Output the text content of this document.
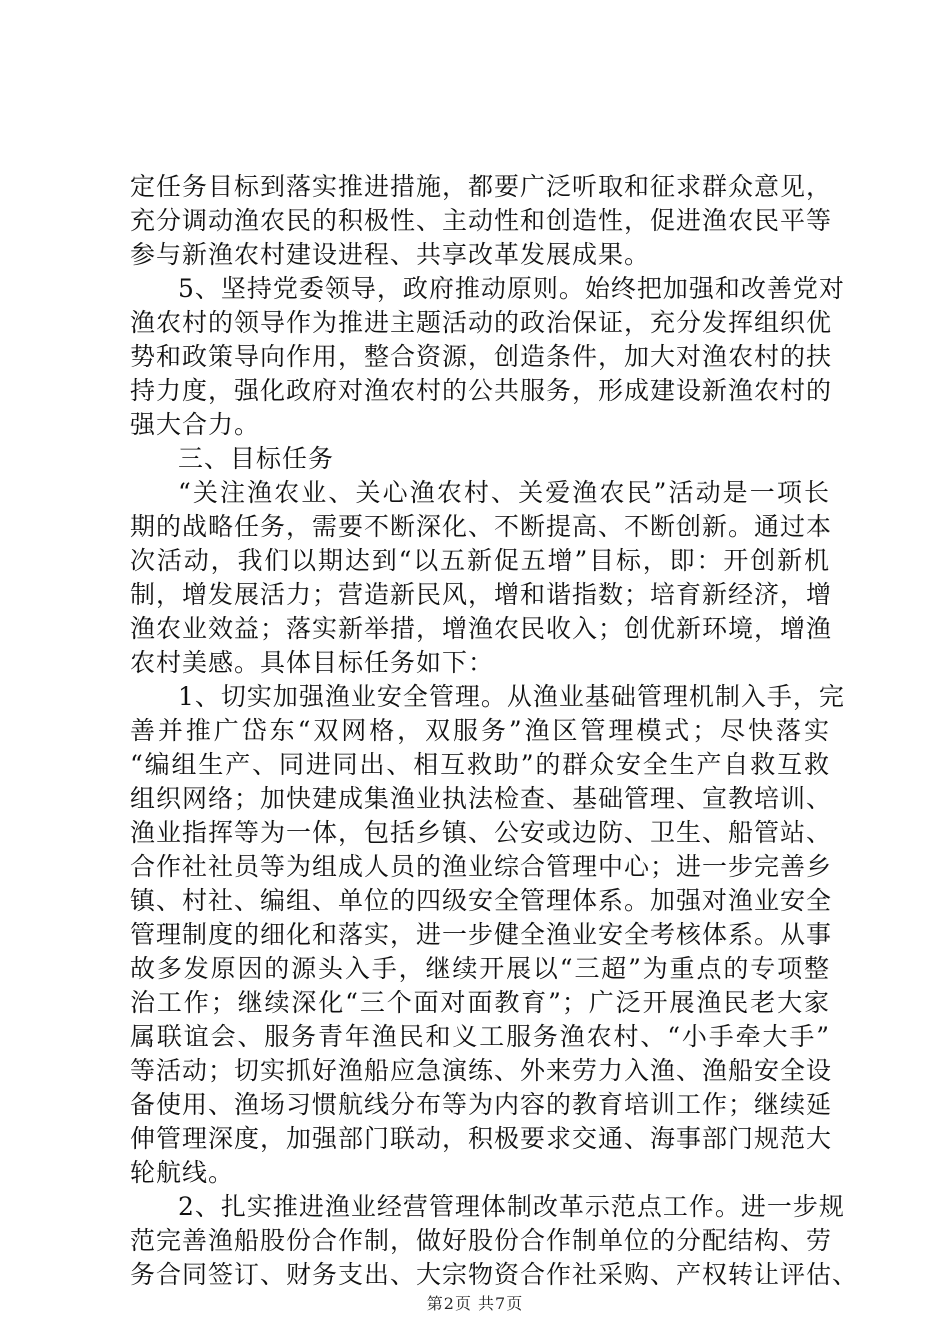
定任务目标到落实推进措施，都要广泛听取和征求群众意见，
充分调动渔农民的积极性、主动性和创造性，促进渔农民平等
参与新渔农村建设进程、共享改革发展成果。
5、坚持党委领导，政府推动原则。始终把加强和改善党对
渔农村的领导作为推进主题活动的政治保证，充分发挥组织优
势和政策导向作用，整合资源，创造条件，加大对渔农村的扶
持力度，强化政府对渔农村的公共服务，形成建设新渔农村的
强大合力。
三、目标任务
“关注渔农业、关心渔农村、关爱渔农民”活动是一项长
期的战略任务，需要不断深化、不断提高、不断创新。通过本
次活动，我们以期达到“以五新促五增”目标，即：开创新机
制，增发展活力；营造新民风，增和谐指数；培育新经济，增
渔农业效益；落实新举措，增渔农民收入；创优新环境，增渔
农村美感。具体目标任务如下：
1、切实加强渔业安全管理。从渔业基础管理机制入手，完
善并推广岱东“双网格，双服务”渔区管理模式；尽快落实
“编组生产、同进同出、相互救助”的群众安全生产自救互救
组织网络；加快建成集渔业执法检查、基础管理、宣教培训、
渔业指挥等为一体，包括乡镇、公安或边防、卫生、船管站、
合作社社员等为组成人员的渔业综合管理中心；进一步完善乡
镇、村社、编组、单位的四级安全管理体系。加强对渔业安全
管理制度的细化和落实，进一步健全渔业安全考核体系。从事
故多发原因的源头入手，继续开展以“三超”为重点的专项整
治工作；继续深化“三个面对面教育”；广泛开展渔民老大家
属联谊会、服务青年渔民和义工服务渔农村、“小手牵大手”
等活动；切实抓好渔船应急演练、外来劳力入渔、渔船安全设
备使用、渔场习惯航线分布等为内容的教育培训工作；继续延
伸管理深度，加强部门联动，积极要求交通、海事部门规范大
轮航线。
2、扎实推进渔业经营管理体制改革示范点工作。进一步规
范完善渔船股份合作制，做好股份合作制单位的分配结构、劳
务合同签订、财务支出、大宗物资合作社采购、产权转让评估、
第2页 共7页
